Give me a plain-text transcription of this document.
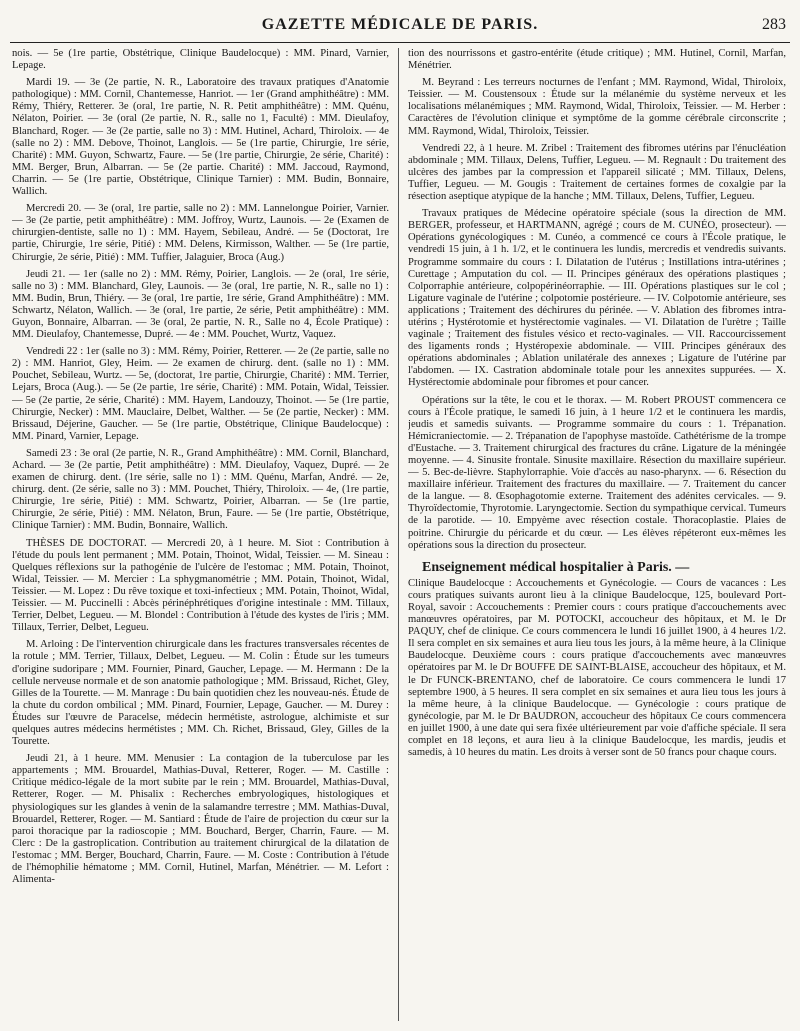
GAZETTE MÉDICALE DE PARIS.	283

nois. — 5e (1re partie, Obstétrique, Clinique Baudelocque) : MM. Pinard, Varnier, Lepage.

Mardi 19. — 3e (2e partie, N. R., Laboratoire des travaux pratiques d'Anatomie pathologique) : MM. Cornil, Chantemesse, Hanriot. — 1er (Grand amphithéâtre) : MM. Rémy, Thiéry, Retterer. 3e (oral, 1re partie, N. R. Petit amphithéâtre) : MM. Quénu, Nélaton, Poirier. — 3e (oral (2e partie, N. R., salle no 1, Faculté) : MM. Dieulafoy, Blanchard, Roger. — 3e (2e partie, salle no 3) : MM. Hutinel, Achard, Thiroloix. — 4e (salle no 2) : MM. Debove, Thoinot, Langlois. — 5e (1re partie, Chirurgie, 1re série, Charité) : MM. Guyon, Schwartz, Faure. — 5e (1re partie, Chirurgie, 2e série, Charité) : MM. Berger, Brun, Albarran. — 5e (2e partie. Charité) : MM. Jaccoud, Raymond, Charrin. — 5e (1re partie, Obstétrique, Clinique Tarnier) : MM. Budin, Bonnaire, Wallich.

Mercredi 20. — 3e (oral, 1re partie, salle no 2) : MM. Lannelongue Poirier, Varnier. — 3e (2e partie, petit amphithéâtre) : MM. Joffroy, Wurtz, Launois. — 2e (Examen de chirurgien-dentiste, salle no 1) : MM. Hayem, Sebileau, André. — 5e (Doctorat, 1re partie, Chirurgie, 1re série, Pitié) : MM. Delens, Kirmisson, Walther. — 5e (1re partie, Chirurgie, 2e série, Pitié) : MM. Tuffier, Jalaguier, Broca (Aug.)

Jeudi 21. — 1er (salle no 2) : MM. Rémy, Poirier, Langlois. — 2e (oral, 1re série, salle no 3) : MM. Blanchard, Gley, Launois. — 3e (oral, 1re partie, N. R., salle no 1) : MM. Budin, Brun, Thiéry. — 3e (oral, 1re partie, 1re série, Grand Amphithéâtre) : MM. Schwartz, Nélaton, Wallich. — 3e (oral, 1re partie, 2e série, Petit amphithéâtre) : MM. Guyon, Bonnaire, Albarran. — 3e (oral, 2e partie, N. R., Salle no 4, École Pratique) : MM. Dieulafoy, Chantemesse, Dupré. — 4e : MM. Pouchet, Wurtz, Vaquez.

Vendredi 22 : 1er (salle no 3) : MM. Rémy, Poirier, Retterer. — 2e (2e partie, salle no 2) : MM. Hanriot, Gley, Heim. — 2e examen de chirurg. dent. (salle no 1) : MM. Pouchet, Sebileau, Wurtz. — 5e, (doctorat, 1re partie, Chirurgie, Charité) : MM. Terrier, Lejars, Broca (Aug.). — 5e (2e partie, 1re série, Charité) : MM. Potain, Widal, Teissier. — 5e (2e partie, 2e série, Charité) : MM. Hayem, Landouzy, Thoinot. — 5e (1re partie, Chirurgie, Necker) : MM. Mauclaire, Delbet, Walther. — 5e (2e partie, Necker) : MM. Brissaud, Déjerine, Gaucher. — 5e (1re partie, Obstétrique, Clinique Baudelocque) : MM. Pinard, Varnier, Lepage.

Samedi 23 : 3e oral (2e partie, N. R., Grand Amphithéâtre) : MM. Cornil, Blanchard, Achard. — 3e (2e partie, Petit amphithéâtre) : MM. Dieulafoy, Vaquez, Dupré. — 2e examen de chirurg. dent. (1re série, salle no 1) : MM. Quénu, Marfan, André. — 2e, chirurg. dent. (2e série, salle no 3) : MM. Pouchet, Thiéry, Thiroloix. — 4e, (1re partie, Chirurgie, 1re série, Pitié) : MM. Schwartz, Poirier, Albarran. — 5e (1re partie, Chirurgie, 2e série, Pitié) : MM. Nélaton, Brun, Faure. — 5e (1re partie, Obstétrique, Clinique Tarnier) : MM. Budin, Bonnaire, Wallich.

THÈSES DE DOCTORAT. — Mercredi 20, à 1 heure. M. Siot : Contribution à l'étude du pouls lent permanent ; MM. Potain, Thoinot, Widal, Teissier. — M. Sineau : Quelques réflexions sur la pathogénie de l'ulcère de l'estomac ; MM. Potain, Thoinot, Widal, Teissier. — M. Mercier : La sphygmanométrie ; MM. Potain, Thoinot, Widal, Teissier. — M. Lopez : Du rêve toxique et toxi-infectieux ; MM. Potain, Thoinot, Widal, Teissier. — M. Puccinelli : Abcès périnéphrétiques d'origine intestinale : MM. Tillaux, Terrier, Delbet, Legueu. — M. Blondel : Contribution à l'étude des kystes de l'iris ; MM. Tillaux, Terrier, Delbet, Legueu.

M. Arloing : De l'intervention chirurgicale dans les fractures transversales récentes de la rotule ; MM. Terrier, Tillaux, Delbet, Legueu. — M. Colin : Étude sur les tumeurs d'origine sudoripare ; MM. Fournier, Pinard, Gaucher, Lepage. — M. Hermann : De la cellule nerveuse normale et de son anatomie pathologique ; MM. Brissaud, Richet, Gley, Gilles de la Tourette. — M. Manrage : Du bain quotidien chez les nouveau-nés. Étude de la chute du cordon ombilical ; MM. Pinard, Fournier, Lepage, Gaucher. — M. Durey : Études sur l'œuvre de Paracelse, médecin hermétiste, astrologue, alchimiste et sur quelques autres médecins hermétistes ; MM. Ch. Richet, Brissaud, Gley, Gilles de la Tourette.

Jeudi 21, à 1 heure. MM. Menusier : La contagion de la tuberculose par les appartements ; MM. Brouardel, Mathias-Duval, Retterer, Roger. — M. Castille : Critique médico-légale de la mort subite par le rein ; MM. Brouardel, Mathias-Duval, Retterer, Roger. — M. Phisalix : Recherches embryologiques, histologiques et physiologiques sur les glandes à venin de la salamandre terrestre ; MM. Mathias-Duval, Brouardel, Retterer, Roger. — M. Santiard : Étude de l'aire de projection du cœur sur la paroi thoracique par la radioscopie ; MM. Bouchard, Berger, Charrin, Faure. — M. Clerc : De la gastroplication. Contribution au traitement chirurgical de la dilatation de l'estomac ; MM. Berger, Bouchard, Charrin, Faure. — M. Coste : Contribution à l'étude de l'hémophilie hématome ; MM. Cornil, Hutinel, Marfan, Ménétrier. — M. Lefort : Alimenta-

tion des nourrissons et gastro-entérite (étude critique) ; MM. Hutinel, Cornil, Marfan, Ménétrier.

M. Beyrand : Les terreurs nocturnes de l'enfant ; MM. Raymond, Widal, Thiroloix, Teissier. — M. Coustensoux : Étude sur la mélanémie du système nerveux et les localisations mélanémiques ; MM. Raymond, Widal, Thiroloix, Teissier. — M. Herber : Caractères de l'évolution clinique et symptôme de la gomme cérébrale circonscrite ; MM. Raymond, Widal, Thiroloix, Teissier.

Vendredi 22, à 1 heure. M. Zribel : Traitement des fibromes utérins par l'énucléation abdominale ; MM. Tillaux, Delens, Tuffier, Legueu. — M. Regnault : Du traitement des ulcères des jambes par la compression et l'appareil silicaté ; MM. Tillaux, Delens, Tuffier, Legueu. — M. Gougis : Traitement de certaines formes de coxalgie par la résection aseptique atypique de la hanche ; MM. Tillaux, Delens, Tuffier, Legueu.

Travaux pratiques de Médecine opératoire spéciale (sous la direction de MM. BERGER, professeur, et HARTMANN, agrégé ; cours de M. CUNÉO, prosecteur). — Opérations gynécologiques : M. Cunéo, a commencé ce cours à l'École pratique, le vendredi 15 juin, à 1 h. 1/2, et le continuera les lundis, mercredis et vendredis suivants. Programme sommaire du cours : I. Dilatation de l'utérus ; Instillations intra-utérines ; Curettage ; Amputation du col. — II. Principes généraux des opérations plastiques ; Colporraphie antérieure, colpopérinéorraphie. — III. Opérations plastiques sur le col ; Ligature vaginale de l'utérine ; colpotomie postérieure. — IV. Colpotomie antérieure, ses applications ; Traitement des déchirures du périnée. — V. Ablation des fibromes intra-utérins ; Hystérotomie et hystérectomie vaginales. — VI. Dilatation de l'urètre ; Taille vaginale ; Traitement des fistules vésico et recto-vaginales. — VII. Raccourcissement des ligaments ronds ; Hystéropexie abdominale. — VIII. Principes généraux des opérations abdominales ; Ablation unilatérale des annexes ; Ligature de l'utérine par l'abdomen. — IX. Castration abdominale totale pour les annexites suppurées. — X. Hystérectomie abdominale pour fibromes et pour cancer.

Opérations sur la tête, le cou et le thorax. — M. Robert PROUST commencera ce cours à l'École pratique, le samedi 16 juin, à 1 heure 1/2 et le continuera les mardis, jeudis et samedis suivants. — Programme sommaire du cours : 1. Trépanation. Hémicraniectomie. — 2. Trépanation de l'apophyse mastoïde. Cathétérisme de la trompe d'Eustache. — 3. Traitement chirurgical des fractures du crâne. Ligature de la méningée moyenne. — 4. Sinusite frontale. Sinusite maxillaire. Résection du maxillaire supérieur. — 5. Bec-de-lièvre. Staphylorraphie. Voie d'accès au naso-pharynx. — 6. Résection du maxillaire inférieur. Traitement des fractures du maxillaire. — 7. Traitement du cancer de la langue. — 8. Œsophagotomie externe. Traitement des adénites cervicales. — 9. Thyroïdectomie, Thyrotomie. Laryngectomie. Section du sympathique cervical. Tumeurs de la parotide. — 10. Empyème avec résection costale. Thoracoplastie. Plaies de poitrine. Chirurgie du péricarde et du cœur. — Les élèves répéteront eux-mêmes les opérations sous la direction du prosecteur.

Enseignement médical hospitalier à Paris. —

Clinique Baudelocque : Accouchements et Gynécologie. — Cours de vacances : Les cours pratiques suivants auront lieu à la clinique Baudelocque, 125, boulevard Port-Royal, savoir : Accouchements : Premier cours : cours pratique d'accouchements avec manœuvres opératoires, par M. POTOCKI, accoucheur des hôpitaux, et M. le Dr PAQUY, chef de clinique. Ce cours commencera le lundi 16 juillet 1900, à 4 heures 1/2. Il sera complet en six semaines et aura lieu tous les jours, à la même heure, à la Clinique Baudelocque. Deuxième cours : cours pratique d'accouchements avec manœuvres opératoires par M. le Dr BOUFFE DE SAINT-BLAISE, accoucheur des hôpitaux, et M. le Dr FUNCK-BRENTANO, chef de laboratoire. Ce cours commencera le lundi 17 septembre 1900, à 5 heures. Il sera complet en six semaines et aura lieu tous les jours à la même heure, à la clinique Baudelocque. — Gynécologie : cours pratique de gynécologie, par M. le Dr BAUDRON, accoucheur des hôpitaux Ce cours commencera en juillet 1900, à une date qui sera fixée ultérieurement par voie d'affiche spéciale. Il sera complet en 18 leçons, et aura lieu à la clinique Baudelocque, les mardis, jeudis et samedis, à 10 heures du matin. Les droits à verser sont de 50 francs pour chaque cours.
